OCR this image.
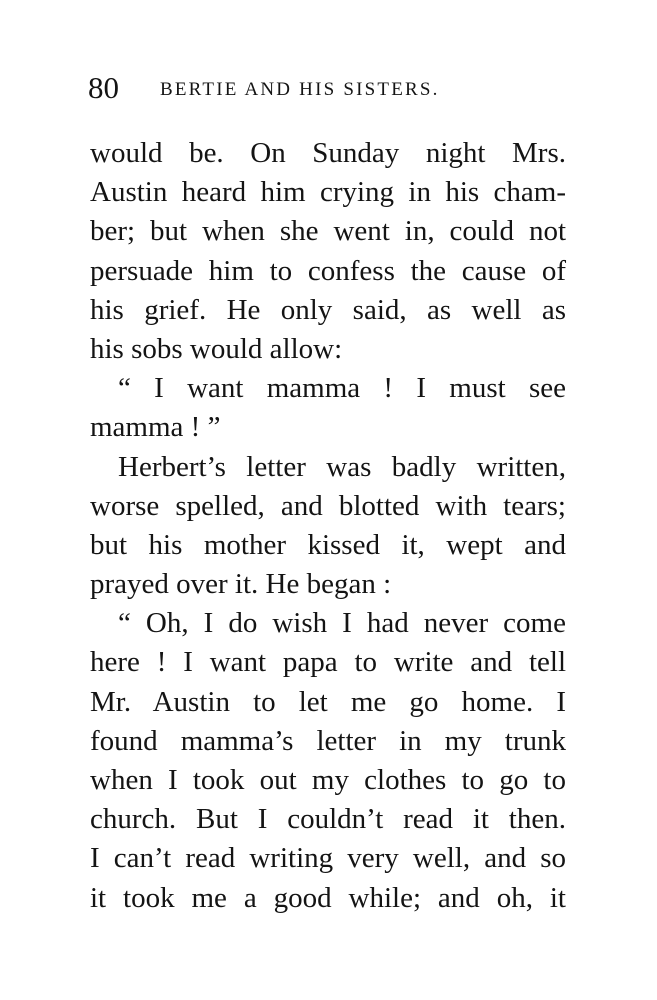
80 BERTIE AND HIS SISTERS.
would be. On Sunday night Mrs.
Austin heard him crying in his cham-
ber; but when she went in, could not
persuade him to confess the cause of
his grief. He only said, as well as
his sobs would allow:
“ I want mamma ! I must see
mamma ! ”
Herbert’s letter was badly written,
worse spelled, and blotted with tears;
but his mother kissed it, wept and
prayed over it. He began :
“ Oh, I do wish I had never come
here ! I want papa to write and tell
Mr. Austin to let me go home. I
found mamma’s letter in my trunk
when I took out my clothes to go to
church. But I couldn’t read it then.
I can’t read writing very well, and so
it took me a good while; and oh, it
